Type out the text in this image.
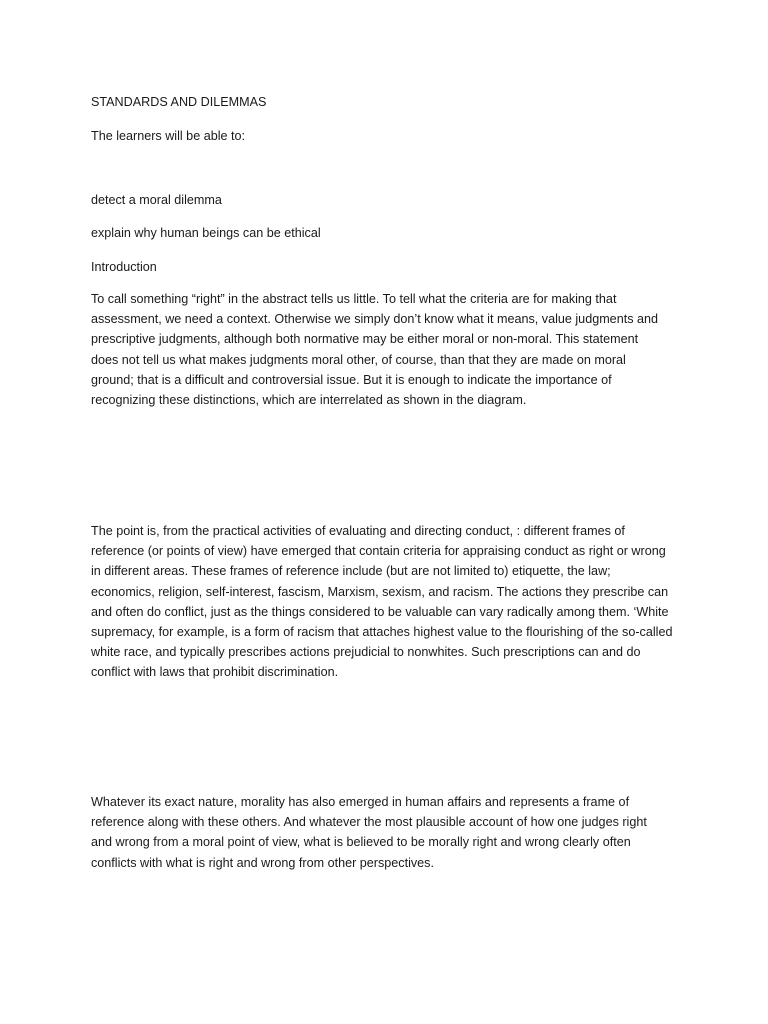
STANDARDS AND DILEMMAS

The learners will be able to:

detect a moral dilemma

explain why human beings can be ethical

Introduction

To call something “right” in the abstract tells us little. To tell what the criteria are for making that
assessment, we need a context. Otherwise we simply don’t know what it means, value judgments and
prescriptive judgments, although both normative may be either moral or non-moral. This statement
does not tell us what makes judgments moral other, of course, than that they are made on moral
ground; that is a difficult and controversial issue. But it is enough to indicate the importance of
recognizing these distinctions, which are interrelated as shown in the diagram.
The point is, from the practical activities of evaluating and directing conduct, : different frames of
reference (or points of view) have emerged that contain criteria for appraising conduct as right or wrong
in different areas. These frames of reference include (but are not limited to) etiquette, the law;
economics, religion, self-interest, fascism, Marxism, sexism, and racism. The actions they prescribe can
and often do conflict, just as the things considered to be valuable can vary radically among them. ‘White
supremacy, for example, is a form of racism that attaches highest value to the flourishing of the so-called
white race, and typically prescribes actions prejudicial to nonwhites. Such prescriptions can and do
conflict with laws that prohibit discrimination.
Whatever its exact nature, morality has also emerged in human affairs and represents a frame of
reference along with these others. And whatever the most plausible account of how one judges right
and wrong from a moral point of view, what is believed to be morally right and wrong clearly often
conflicts with what is right and wrong from other perspectives.
